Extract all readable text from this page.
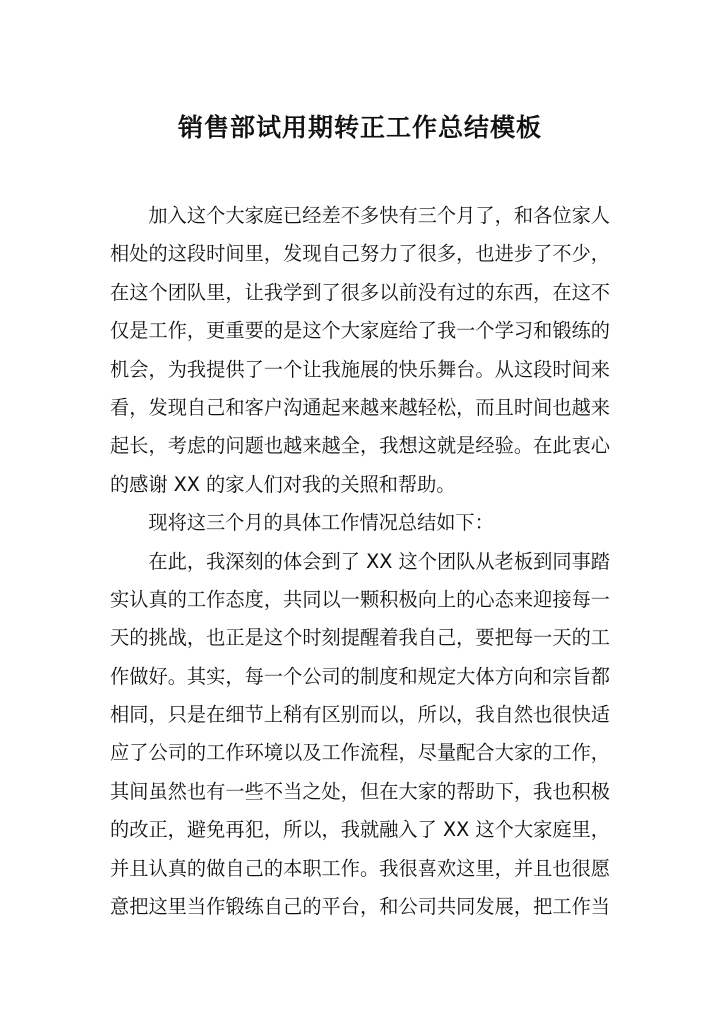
销售部试用期转正工作总结模板
加入这个大家庭已经差不多快有三个月了，和各位家人
相处的这段时间里，发现自己努力了很多，也进步了不少，
在这个团队里，让我学到了很多以前没有过的东西，在这不
仅是工作，更重要的是这个大家庭给了我一个学习和锻练的
机会，为我提供了一个让我施展的快乐舞台。从这段时间来
看，发现自己和客户沟通起来越来越轻松，而且时间也越来
起长，考虑的问题也越来越全，我想这就是经验。在此衷心
的感谢 XX 的家人们对我的关照和帮助。
现将这三个月的具体工作情况总结如下：
在此，我深刻的体会到了 XX 这个团队从老板到同事踏
实认真的工作态度，共同以一颗积极向上的心态来迎接每一
天的挑战，也正是这个时刻提醒着我自己，要把每一天的工
作做好。其实，每一个公司的制度和规定大体方向和宗旨都
相同，只是在细节上稍有区别而以，所以，我自然也很快适
应了公司的工作环境以及工作流程，尽量配合大家的工作，
其间虽然也有一些不当之处，但在大家的帮助下，我也积极
的改正，避免再犯，所以，我就融入了 XX 这个大家庭里，
并且认真的做自己的本职工作。我很喜欢这里，并且也很愿
意把这里当作锻练自己的平台，和公司共同发展，把工作当
